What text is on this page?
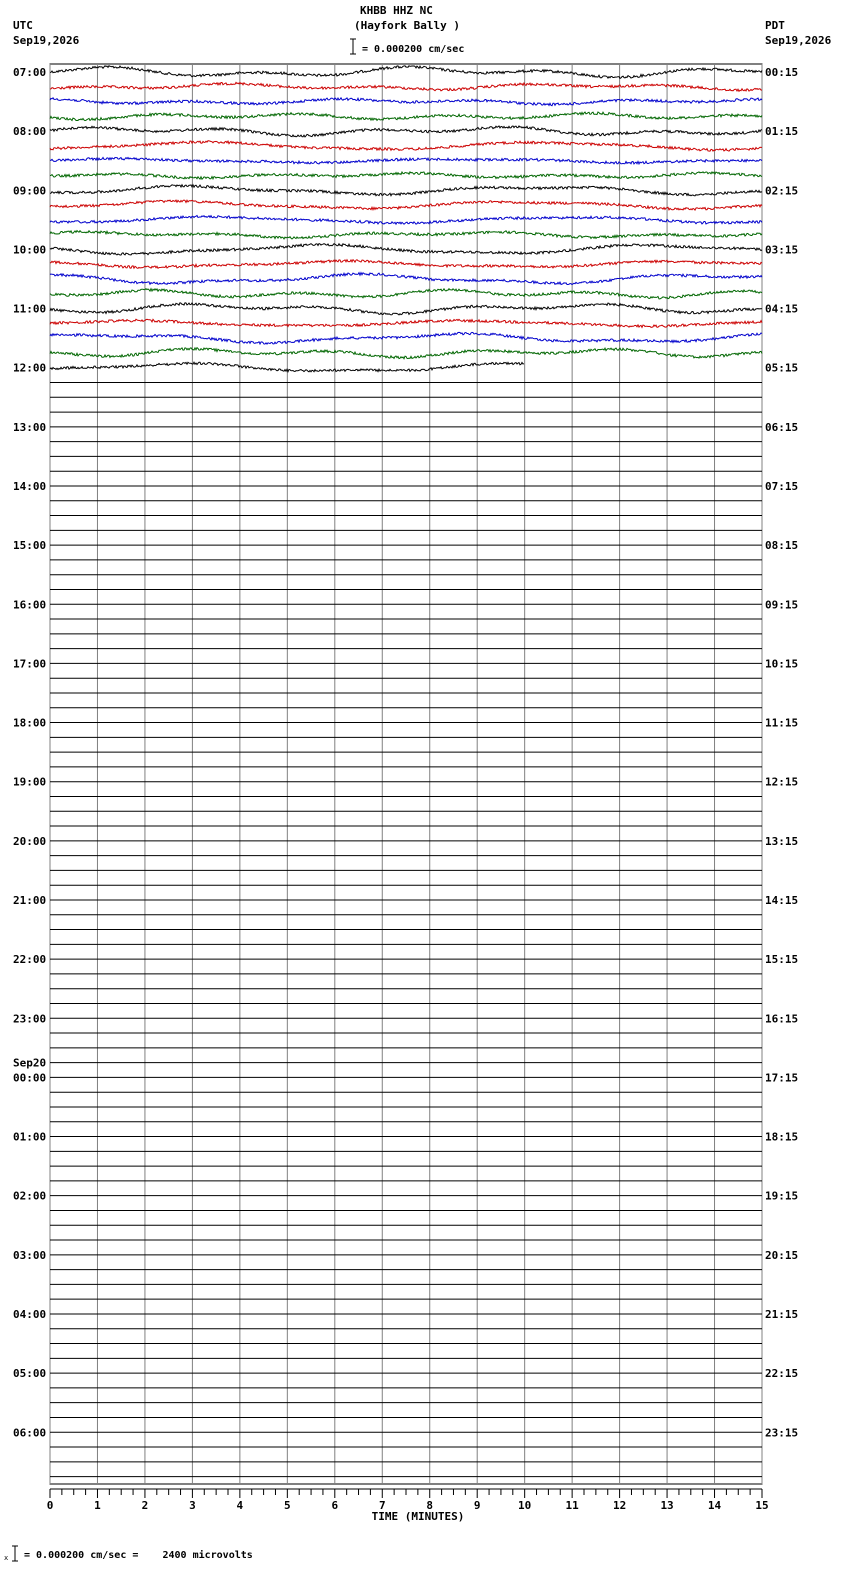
KHBB HHZ NC
(Hayfork Bally )
UTC
Sep19,2026
PDT
Sep19,2026
= 0.000200 cm/sec
07:00	00:15
08:00	01:15
09:00	02:15
10:00	03:15
11:00	04:15
12:00	05:15
13:00	06:15
14:00	07:15
15:00	08:15
16:00	09:15
17:00	10:15
18:00	11:15
19:00	12:15
20:00	13:15
21:00	14:15
22:00	15:15
23:00	16:15
00:00	17:15
01:00	18:15
02:00	19:15
03:00	20:15
04:00	21:15
05:00	22:15
06:00	23:15
Sep20
0	1	2	3	4	5	6	7	8	9	10	11	12	13	14	15
TIME (MINUTES)
x = 0.000200 cm/sec =    2400 microvolts
